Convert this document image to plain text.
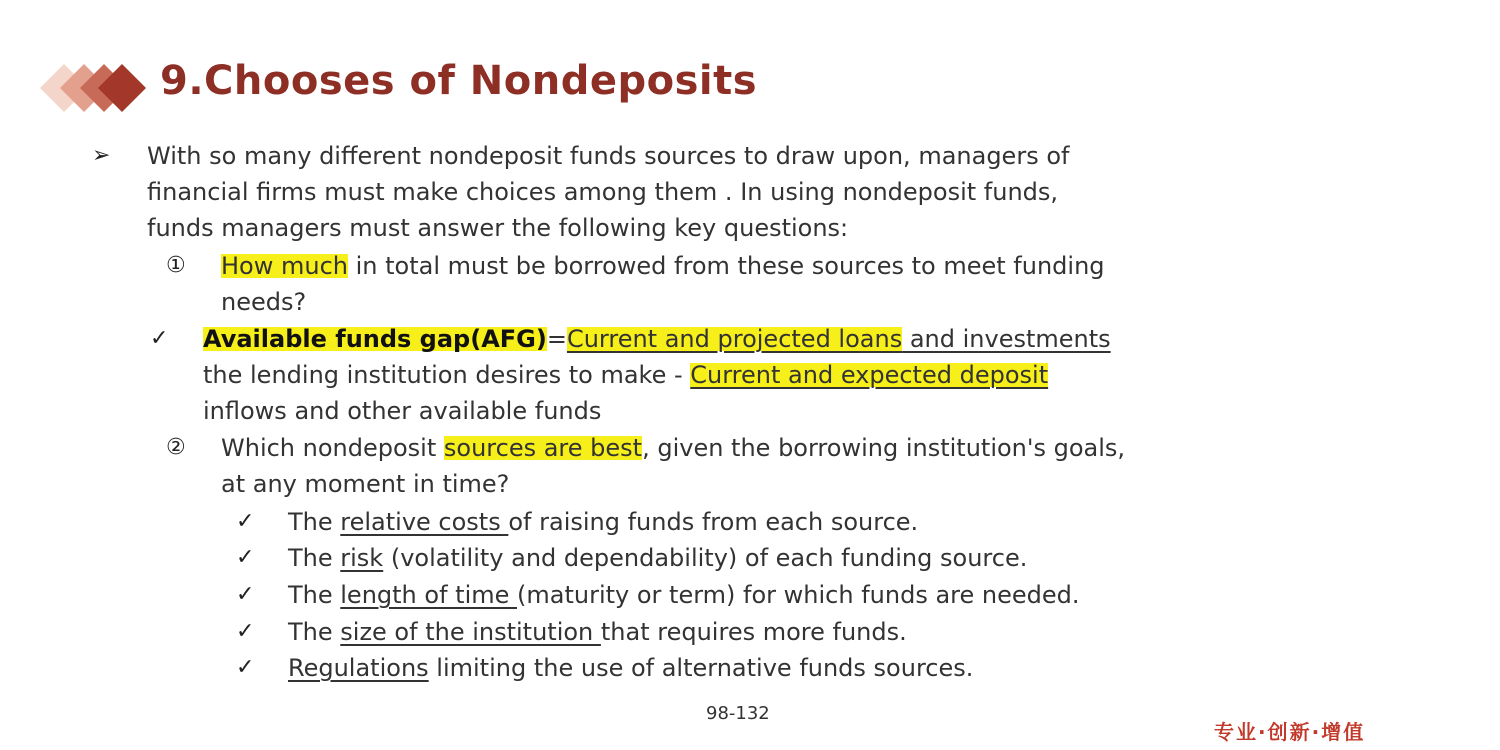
9.Chooses of Nondeposits
➢ With so many different nondeposit funds sources to draw upon, managers of
financial firms must make choices among them . In using nondeposit funds,
funds managers must answer the following key questions:
① How much in total must be borrowed from these sources to meet funding
needs?
✓ Available funds gap(AFG)=Current and projected loans and investments
the lending institution desires to make - Current and expected deposit
inflows and other available funds
② Which nondeposit sources are best, given the borrowing institution's goals,
at any moment in time?
✓ The relative costs of raising funds from each source.
✓ The risk (volatility and dependability) of each funding source.
✓ The length of time (maturity or term) for which funds are needed.
✓ The size of the institution that requires more funds.
✓ Regulations limiting the use of alternative funds sources.
98-132
专业·创新·增值
